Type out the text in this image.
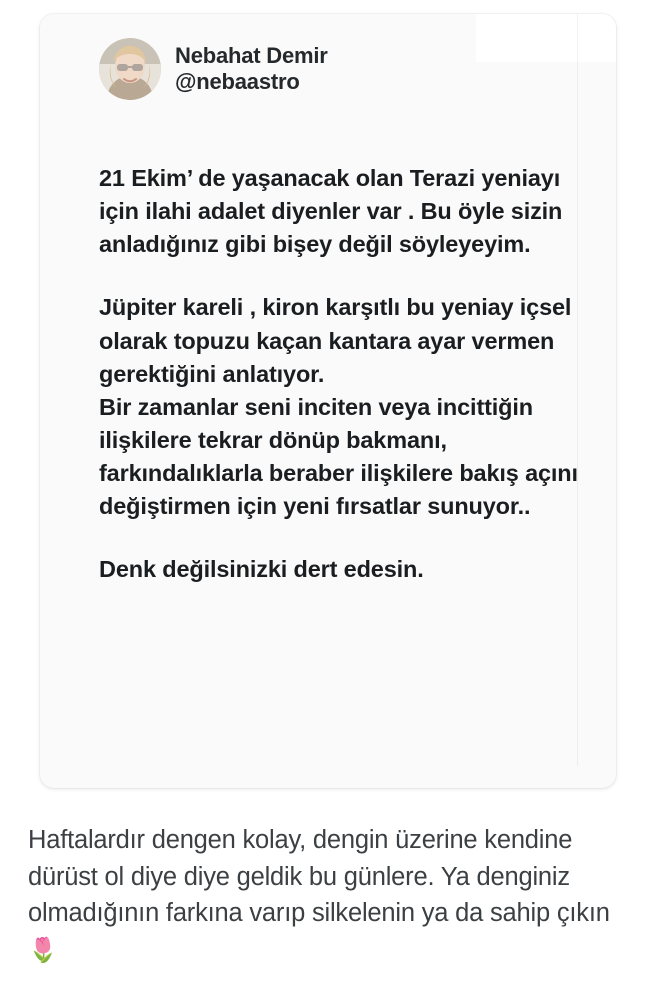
Nebahat Demir
@nebaastro

21 Ekim’ de yaşanacak olan Terazi yeniayı için ilahi adalet diyenler var . Bu öyle sizin anladığınız gibi bişey değil söyleyeyim.

Jüpiter kareli , kiron karşıtlı bu yeniay içsel olarak topuzu kaçan kantara ayar vermen gerektiğini anlatıyor.

Bir zamanlar seni inciten veya incittiğin ilişkilere tekrar dönüp bakmanı, farkındalıklarla beraber ilişkilere bakış açını değiştirmen için yeni fırsatlar sunuyor..

Denk değilsinizki dert edesin.

Haftalardır dengen kolay, dengin üzerine kendine dürüst ol diye diye geldik bu günlere. Ya denginiz olmadığının farkına varıp silkelenin ya da sahip çıkın 🌷
